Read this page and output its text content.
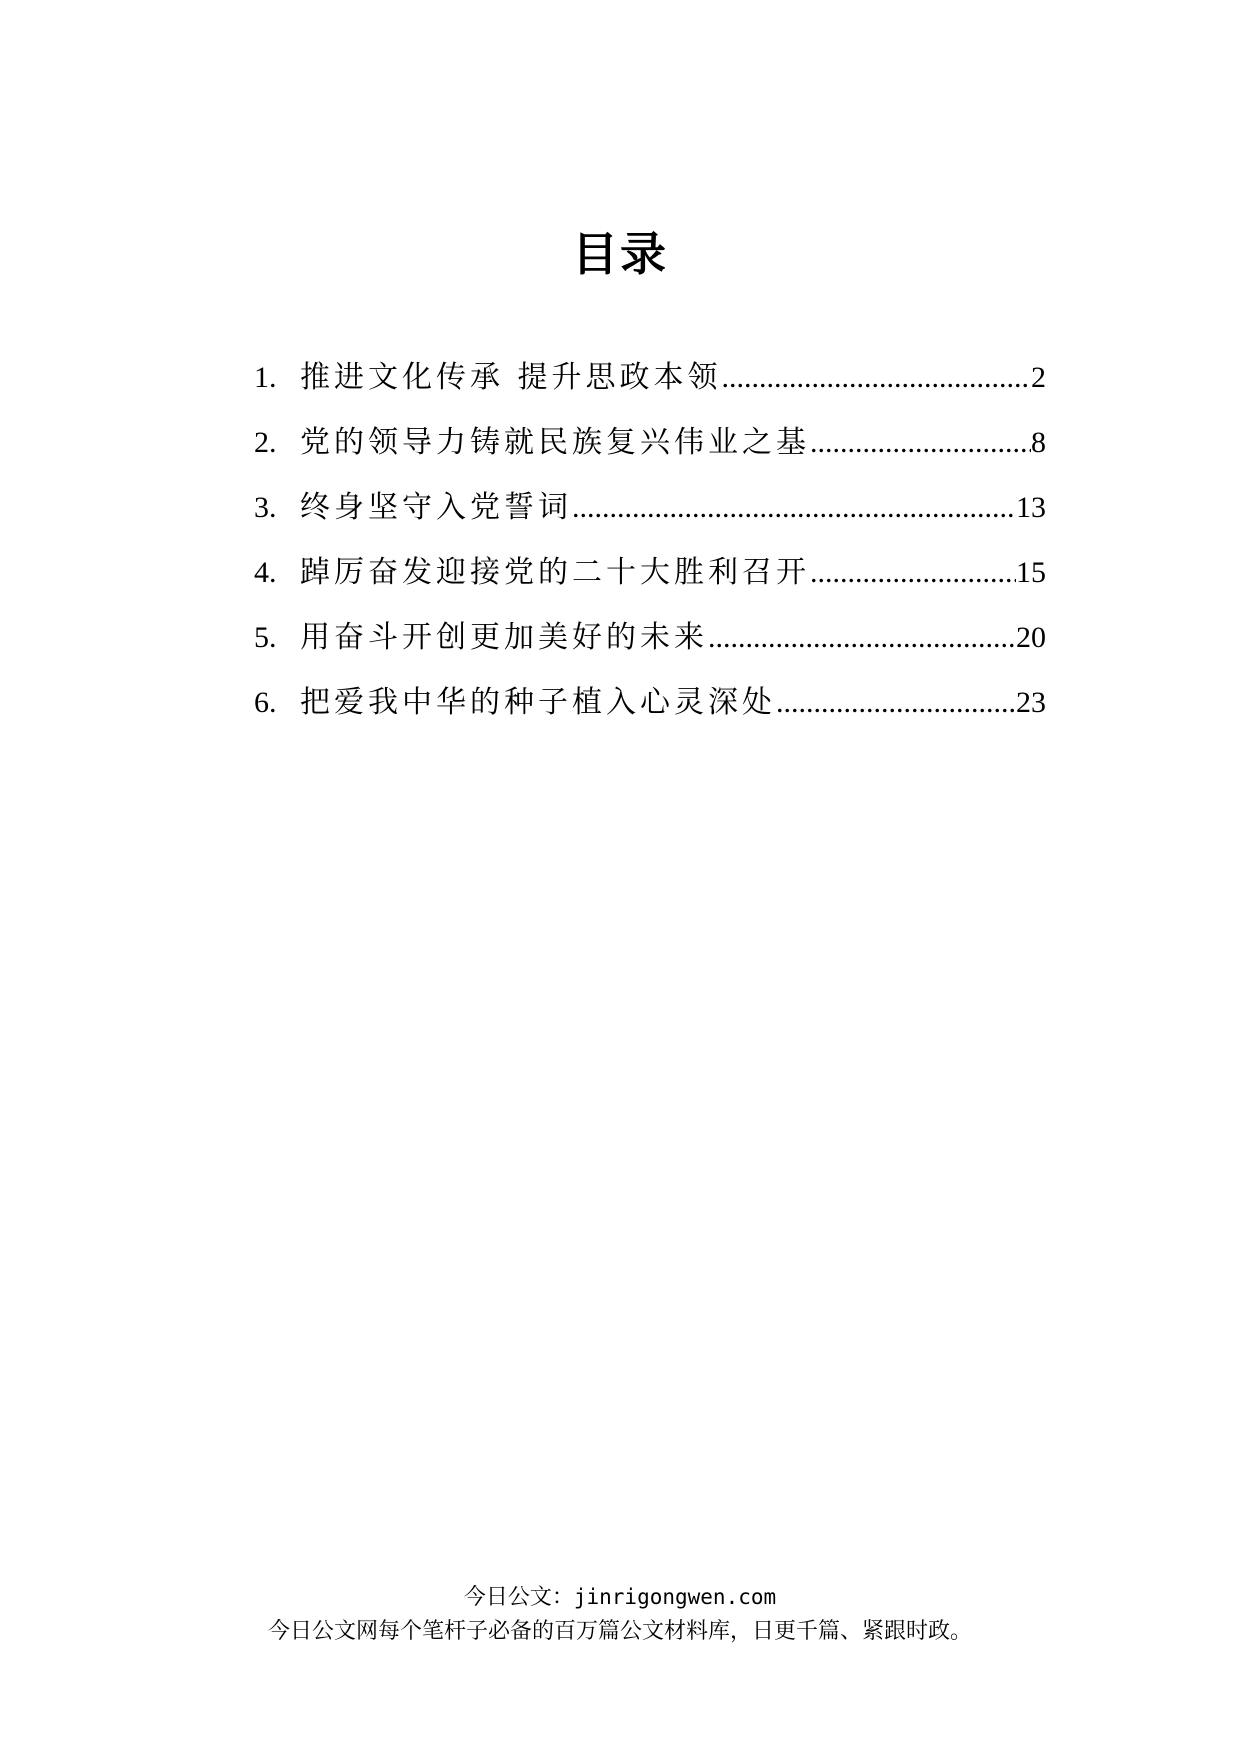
目录
1. 推进文化传承 提升思政本领 .....	2
2. 党的领导力铸就民族复兴伟业之基 .....	8
3. 终身坚守入党誓词 .....	13
4. 踔厉奋发迎接党的二十大胜利召开 .....	15
5. 用奋斗开创更加美好的未来 .....	20
6. 把爱我中华的种子植入心灵深处 .....	23
今日公文：jinrigongwen.com
今日公文网每个笔杆子必备的百万篇公文材料库，日更千篇、紧跟时政。
